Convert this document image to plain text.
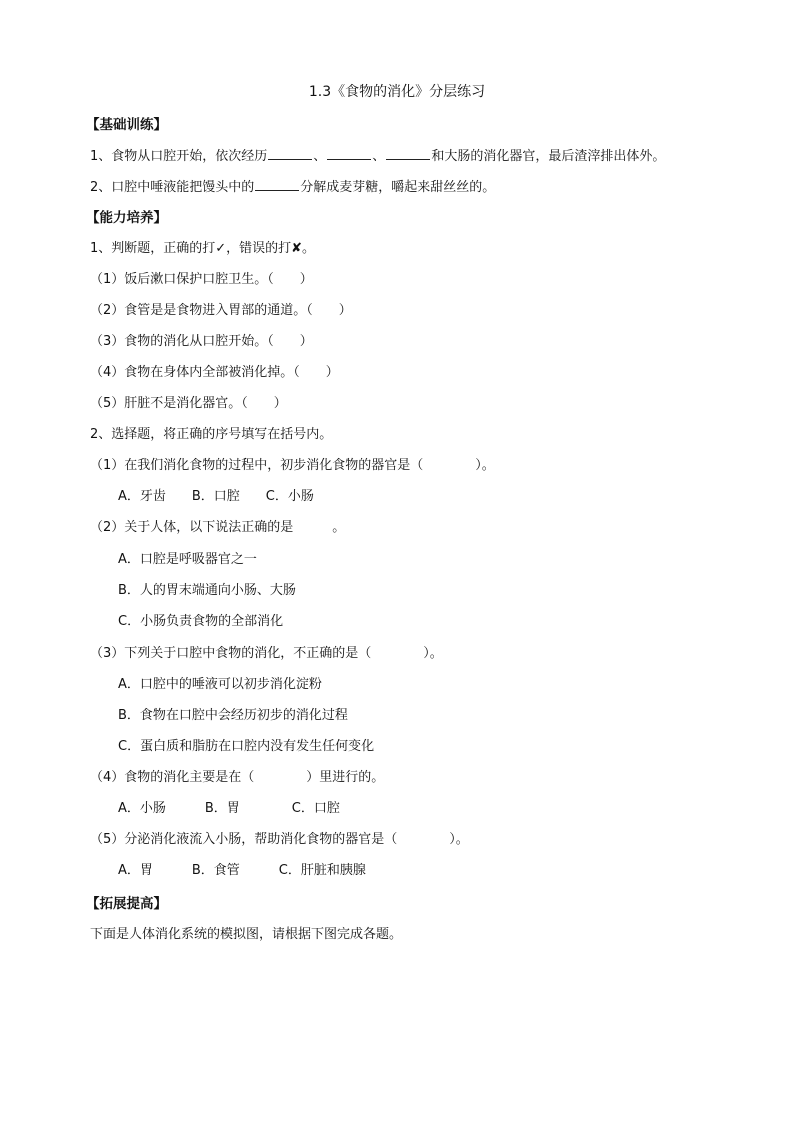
1.3《食物的消化》分层练习
【基础训练】
1、食物从口腔开始，依次经历	、	、	和大肠的消化器官，最后渣滓排出体外。
2、口腔中唾液能把馒头中的	分解成麦芽糖，嚼起来甜丝丝的。
【能力培养】
1、判断题，正确的打✓，错误的打✘。
（1）饭后漱口保护口腔卫生。（　　）
（2）食管是是食物进入胃部的通道。（　　）
（3）食物的消化从口腔开始。（　　）
（4）食物在身体内全部被消化掉。（　　）
（5）肝脏不是消化器官。（　　）
2、选择题，将正确的序号填写在括号内。
（1）在我们消化食物的过程中，初步消化食物的器官是（　　　　）。
A．牙齿　　B．口腔　　C．小肠
（2）关于人体，以下说法正确的是　　　。
A．口腔是呼吸器官之一
B．人的胃末端通向小肠、大肠
C．小肠负责食物的全部消化
（3）下列关于口腔中食物的消化，不正确的是（　　　　）。
A．口腔中的唾液可以初步消化淀粉
B．食物在口腔中会经历初步的消化过程
C．蛋白质和脂肪在口腔内没有发生任何变化
（4）食物的消化主要是在（　　　　）里进行的。
A．小肠　　　B．胃　　　　C．口腔
（5）分泌消化液流入小肠，帮助消化食物的器官是（　　　　）。
A．胃　　　B．食管　　　C．肝脏和胰腺
【拓展提高】
下面是人体消化系统的模拟图，请根据下图完成各题。
